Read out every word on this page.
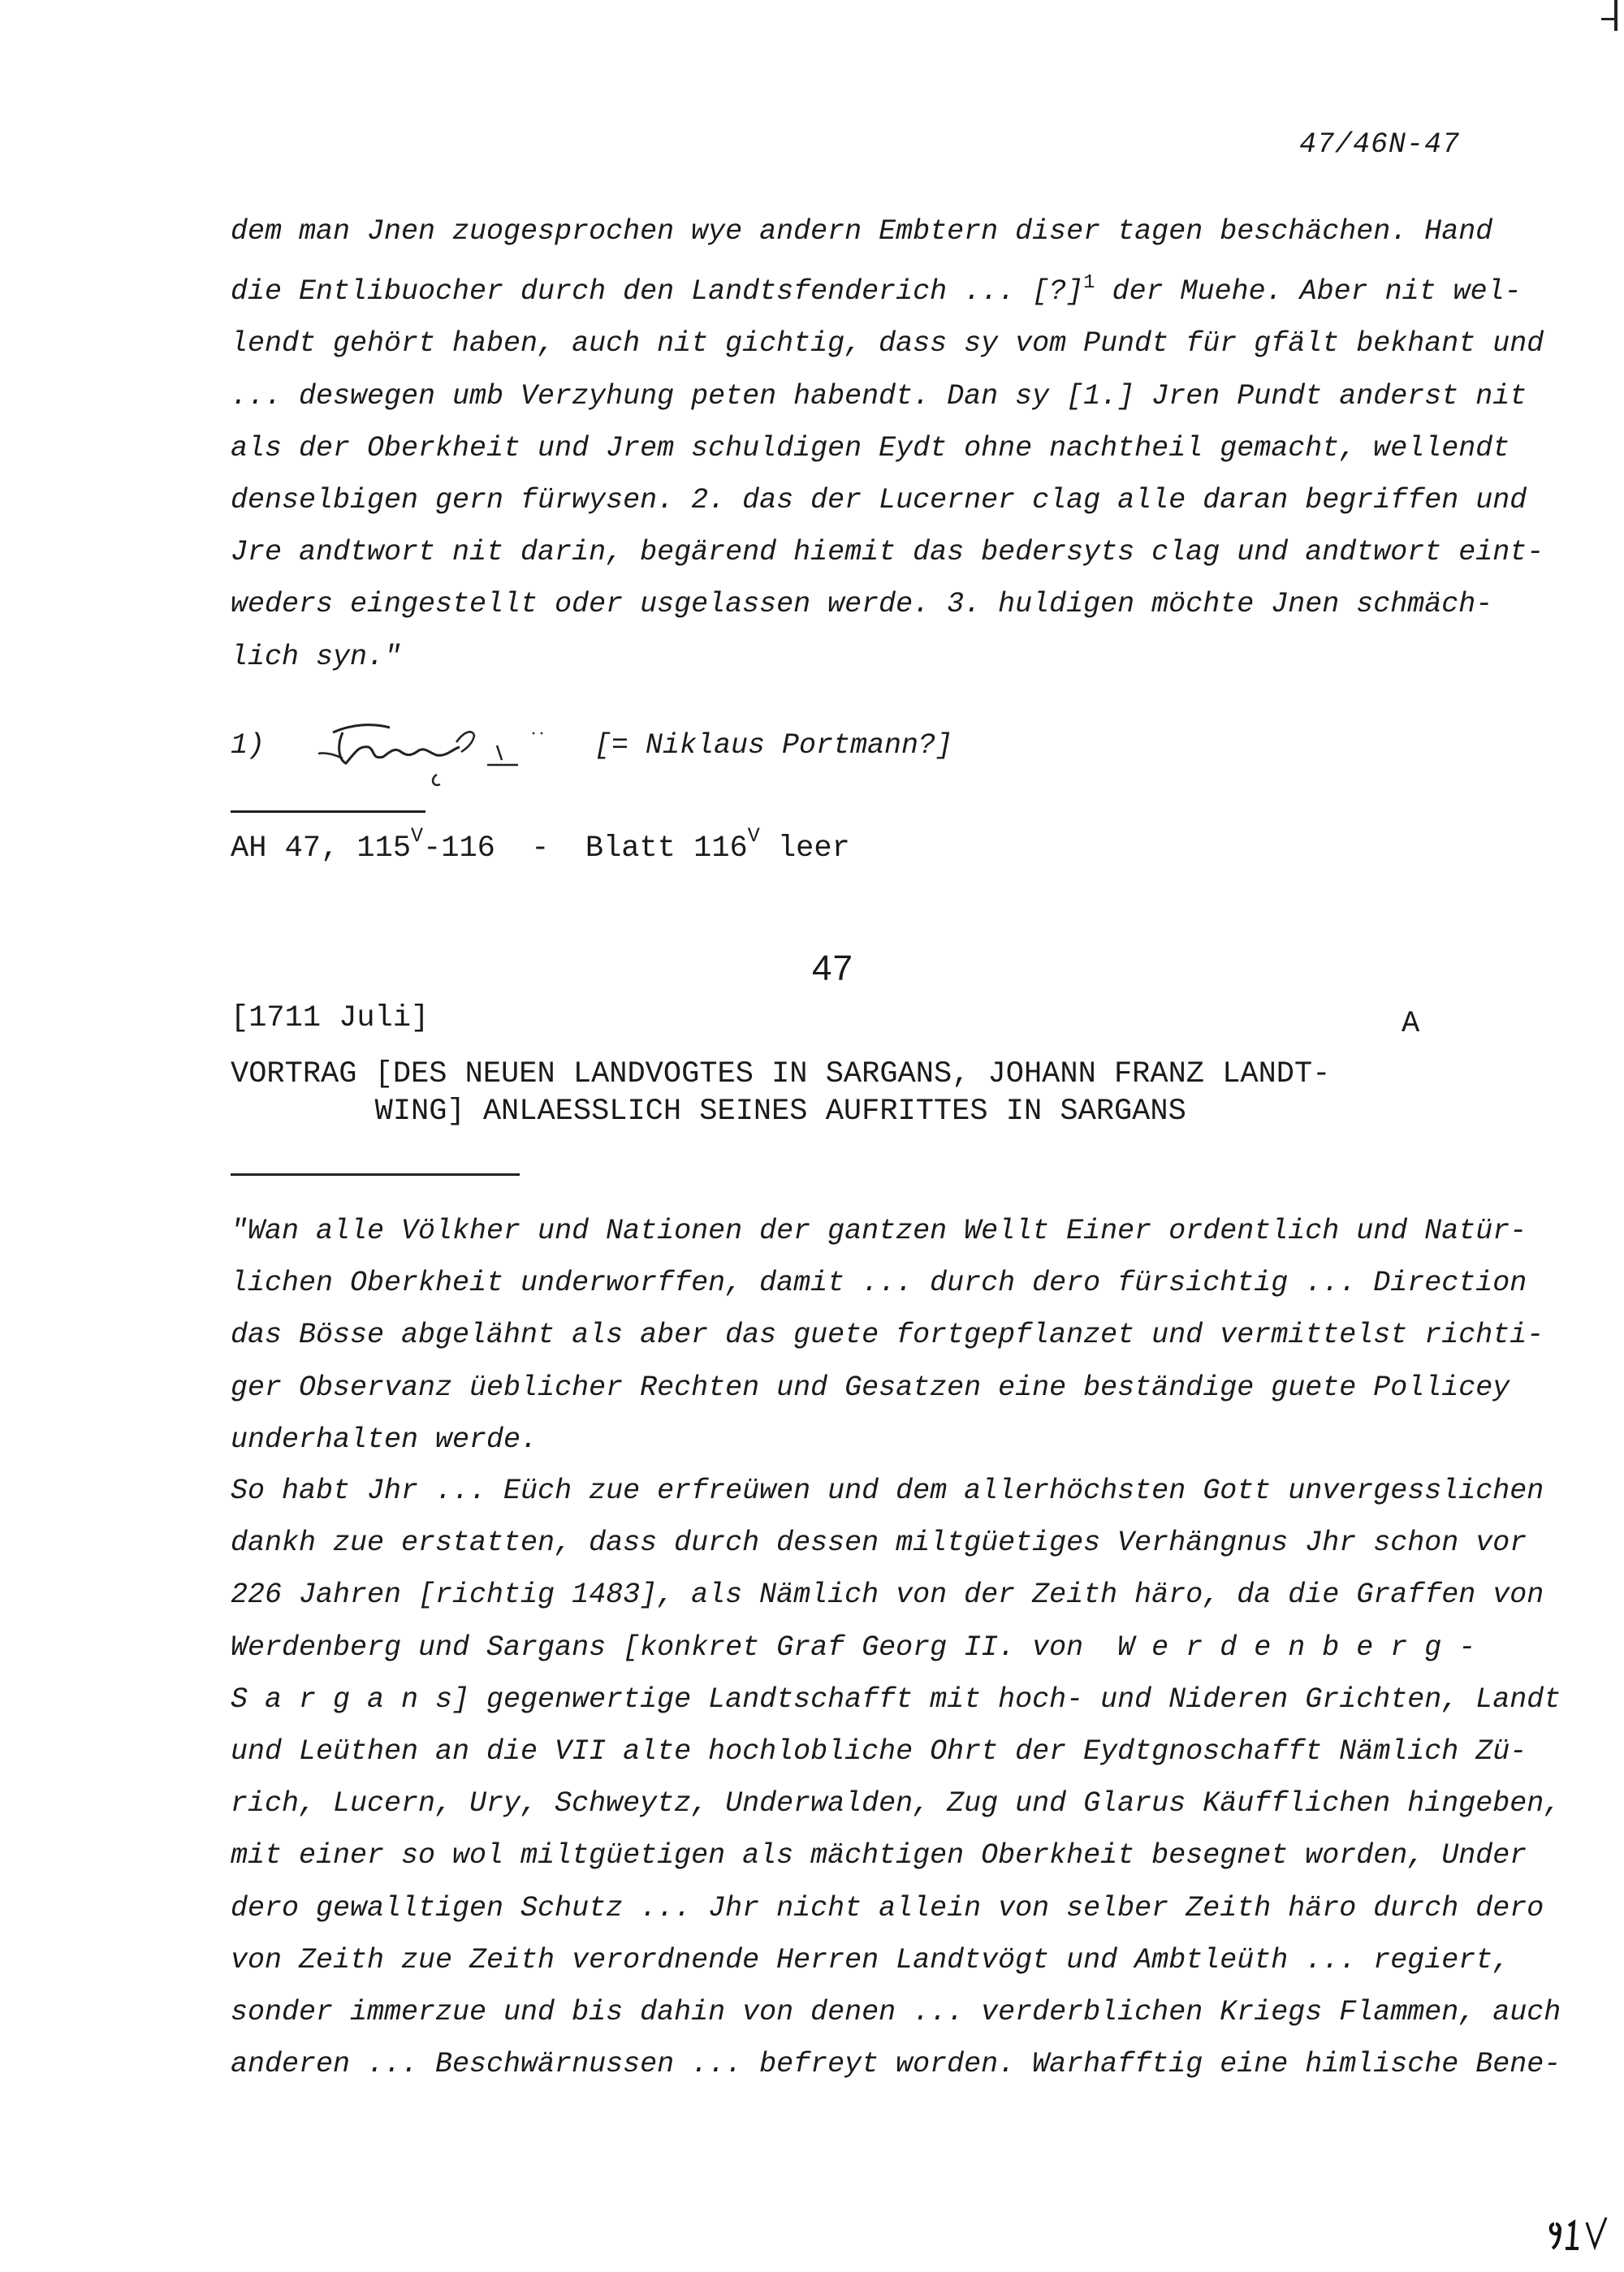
47/46N-47
dem man Jnen zuogesprochen wye andern Embtern diser tagen beschächen. Hand
die Entlibuocher durch den Landtsfenderich ... [?]$^1$ der Muehe. Aber nit wel-
lendt gehört haben, auch nit gichtig, dass sy vom Pundt für gfält bekhant und
... deswegen umb Verzyhung peten habendt. Dan sy [1.] Jren Pundt anderst nit
als der Oberkheit und Jrem schuldigen Eydt ohne nachtheil gemacht, wellendt
denselbigen gern fürwysen. 2. das der Lucerner clag alle daran begriffen und
Jre andtwort nit darin, begärend hiemit das bedersyts clag und andtwort eint-
weders eingestellt oder usgelassen werde. 3. huldigen möchte Jnen schmäch-
lich syn."
1)	[= Niklaus Portmann?]
AH 47, $115^V-116$  -  Blatt $116^V$ leer
47
[1711 Juli]	A
VORTRAG [DES NEUEN LANDVOGTES IN SARGANS, JOHANN FRANZ LANDT-
WING] ANLAESSLICH SEINES AUFRITTES IN SARGANS
"Wan alle Völkher und Nationen der gantzen Wellt Einer ordentlich und Natür-
lichen Oberkheit underworffen, damit ... durch dero fürsichtig ... Direction
das Bösse abgelähnt als aber das guete fortgepflanzet und vermittelst richti-
ger Observanz üeblicher Rechten und Gesatzen eine beständige guete Pollicey
underhalten werde.
So habt Jhr ... Eüch zue erfreüwen und dem allerhöchsten Gott unvergesslichen
dankh zue erstatten, dass durch dessen miltgüetiges Verhängnus Jhr schon vor
226 Jahren [richtig 1483], als Nämlich von der Zeith häro, da die Graffen von
Werdenberg und Sargans [konkret Graf Georg II. von  W e r d e n b e r g -
S a r g a n s] gegenwertige Landtschafft mit hoch- und Nideren Grichten, Landt
und Leüthen an die VII alte hochlobliche Ohrt der Eydtgnoschafft Nämlich Zü-
rich, Lucern, Ury, Schweytz, Underwalden, Zug und Glarus Käufflichen hingeben,
mit einer so wol miltgüetigen als mächtigen Oberkheit besegnet worden, Under
dero gewalltigen Schutz ... Jhr nicht allein von selber Zeith häro durch dero
von Zeith zue Zeith verordnende Herren Landtvögt und Ambtleüth ... regiert,
sonder immerzue und bis dahin von denen ... verderblichen Kriegs Flammen, auch
anderen ... Beschwärnussen ... befreyt worden. Warhafftig eine himlische Bene-
